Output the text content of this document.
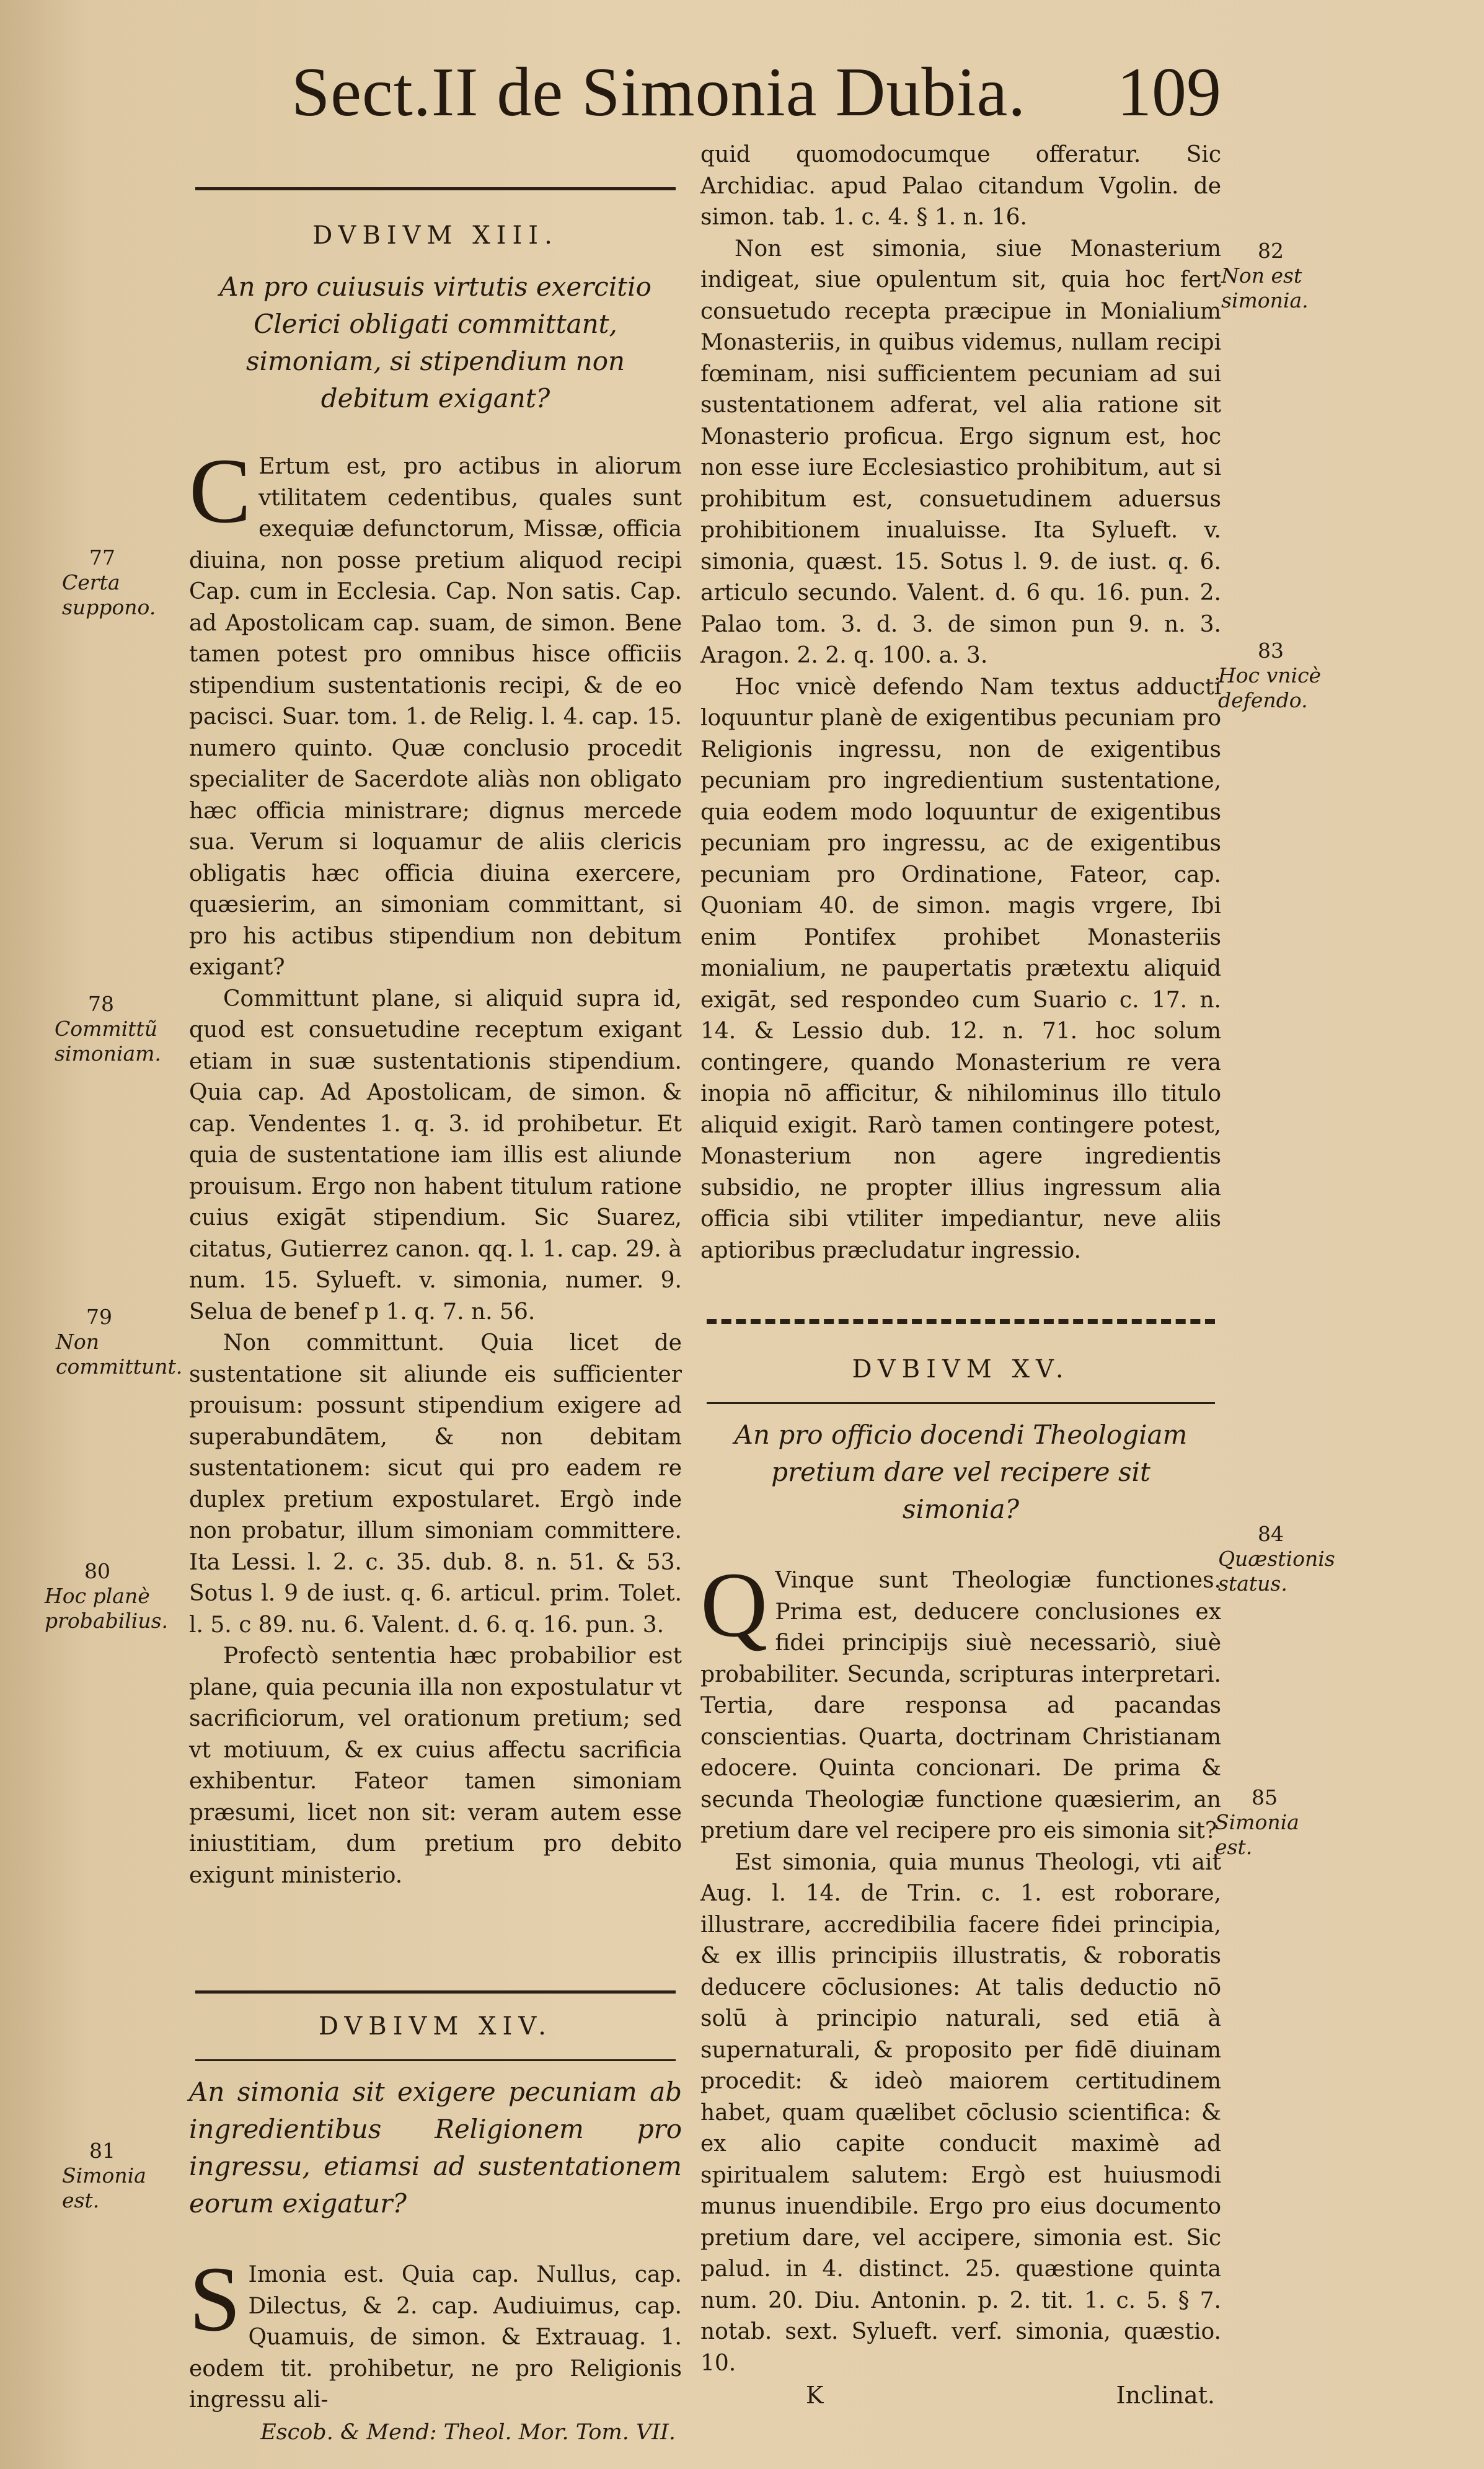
Sect.II de Simonia Dubia. 109
DVBIVM XIII.
An pro cuiusuis virtutis exercitio Clerici obligati committant, simoniam, si stipendium non debitum exigant?

C Ertum est, pro actibus in aliorum vtilitatem cedentibus, quales sunt exequiæ defunctorum, Missæ, officia diuina, non posse pretium aliquod recipi Cap. cum in Ecclesia. Cap. Non satis. Cap. ad Apostolicam cap. suam, de simon. Bene tamen potest pro omnibus hisce officiis stipendium sustentationis recipi, & de eo pacisci. Suar. tom. 1. de Relig. l. 4. cap. 15. numero quinto. Quæ conclusio procedit specialiter de Sacerdote aliàs non obligato hæc officia ministrare; dignus mercede sua. Verum si loquamur de aliis clericis obligatis hæc officia diuina exercere, quæsierim, an simoniam committant, si pro his actibus stipendium non debitum exigant?

Committunt plane, si aliquid supra id, quod est consuetudine receptum exigant etiam in suæ sustentationis stipendium. Quia cap. Ad Apostolicam, de simon. & cap. Vendentes 1. q. 3. id prohibetur. Et quia de sustentatione iam illis est aliunde prouisum. Ergo non habent titulum ratione cuius exigāt stipendium. Sic Suarez, citatus, Gutierrez canon. qq. l. 1. cap. 29. à num. 15. Sylueft. v. simonia, numer. 9. Selua de benef p 1. q. 7. n. 56.

Non committunt. Quia licet de sustentatione sit aliunde eis sufficienter prouisum: possunt stipendium exigere ad superabundātem, & non debitam sustentationem: sicut qui pro eadem re duplex pretium expostularet. Ergò inde non probatur, illum simoniam committere. Ita Lessi. l. 2. c. 35. dub. 8. n. 51. & 53. Sotus l. 9 de iust. q. 6. articul. prim. Tolet. l. 5. c 89. nu. 6. Valent. d. 6. q. 16. pun. 3.

Profectò sententia hæc probabilior est plane, quia pecunia illa non expostulatur vt sacrificiorum, vel orationum pretium; sed vt motiuum, & ex cuius affectu sacrificia exhibentur. Fateor tamen simoniam præsumi, licet non sit: veram autem esse iniustitiam, dum pretium pro debito exigunt ministerio.

DVBIVM XIV.
An simonia sit exigere pecuniam ab ingredientibus Religionem pro ingressu, etiamsi ad sustentationem eorum exigatur?

S Imonia est. Quia cap. Nullus, cap. Dilectus, & 2. cap. Audiuimus, cap. Quamuis, de simon. & Extrauag. 1. eodem tit. prohibetur, ne pro Religionis ingressu ali-

Escob. & Mend: Theol. Mor. Tom. VII.

quid quomodocumque offeratur. Sic Archidiac. apud Palao citandum Vgolin. de simon. tab. 1. c. 4. § 1. n. 16.

Non est simonia, siue Monasterium indigeat, siue opulentum sit, quia hoc fert consuetudo recepta præcipue in Monialium Monasteriis, in quibus videmus, nullam recipi fœminam, nisi sufficientem pecuniam ad sui sustentationem adferat, vel alia ratione sit Monasterio proficua. Ergo signum est, hoc non esse iure Ecclesiastico prohibitum, aut si prohibitum est, consuetudinem aduersus prohibitionem inualuisse. Ita Sylueft. v. simonia, quæst. 15. Sotus l. 9. de iust. q. 6. articulo secundo. Valent. d. 6 qu. 16. pun. 2. Palao tom. 3. d. 3. de simon pun 9. n. 3. Aragon. 2. 2. q. 100. a. 3.

Hoc vnicè defendo Nam textus adducti loquuntur planè de exigentibus pecuniam pro Religionis ingressu, non de exigentibus pecuniam pro ingredientium sustentatione, quia eodem modo loquuntur de exigentibus pecuniam pro ingressu, ac de exigentibus pecuniam pro Ordinatione, Fateor, cap. Quoniam 40. de simon. magis vrgere, Ibi enim Pontifex prohibet Monasteriis monialium, ne paupertatis prætextu aliquid exigāt, sed respondeo cum Suario c. 17. n. 14. & Lessio dub. 12. n. 71. hoc solum contingere, quando Monasterium re vera inopia nō afficitur, & nihilominus illo titulo aliquid exigit. Rarò tamen contingere potest, Monasterium non agere ingredientis subsidio, ne propter illius ingressum alia officia sibi vtiliter impediantur, neve aliis aptioribus præcludatur ingressio.

DVBIVM XV.
An pro officio docendi Theologiam pretium dare vel recipere sit simonia?

Q Vinque sunt Theologiæ functiones. Prima est, deducere conclusiones ex fidei principijs siuè necessariò, siuè probabiliter. Secunda, scripturas interpretari. Tertia, dare responsa ad pacandas conscientias. Quarta, doctrinam Christianam edocere. Quinta concionari. De prima & secunda Theologiæ functione quæsierim, an pretium dare vel recipere pro eis simonia sit?

Est simonia, quia munus Theologi, vti ait Aug. l. 14. de Trin. c. 1. est roborare, illustrare, accredibilia facere fidei principia, & ex illis principiis illustratis, & roboratis deducere cōclusiones: At talis deductio nō solū à principio naturali, sed etiā à supernaturali, & proposito per fidē diuinam procedit: & ideò maiorem certitudinem habet, quam quælibet cōclusio scientifica: & ex alio capite conducit maximè ad spiritualem salutem: Ergò est huiusmodi munus inuendibile. Ergo pro eius documento pretium dare, vel accipere, simonia est. Sic palud. in 4. distinct. 25. quæstione quinta num. 20. Diu. Antonin. p. 2. tit. 1. c. 5. § 7. notab. sext. Sylueft. verf. simonia, quæstio. 10.

K	Inclinat.
77
Certa suppono.
78
Committũ simoniam.
79
Non committunt.
80
Hoc planè probabilius.
81
Simonia est.
82
Non est simonia.
83
Hoc vnicè defendo.
84
Quæstionis status.
85
Simonia est.
